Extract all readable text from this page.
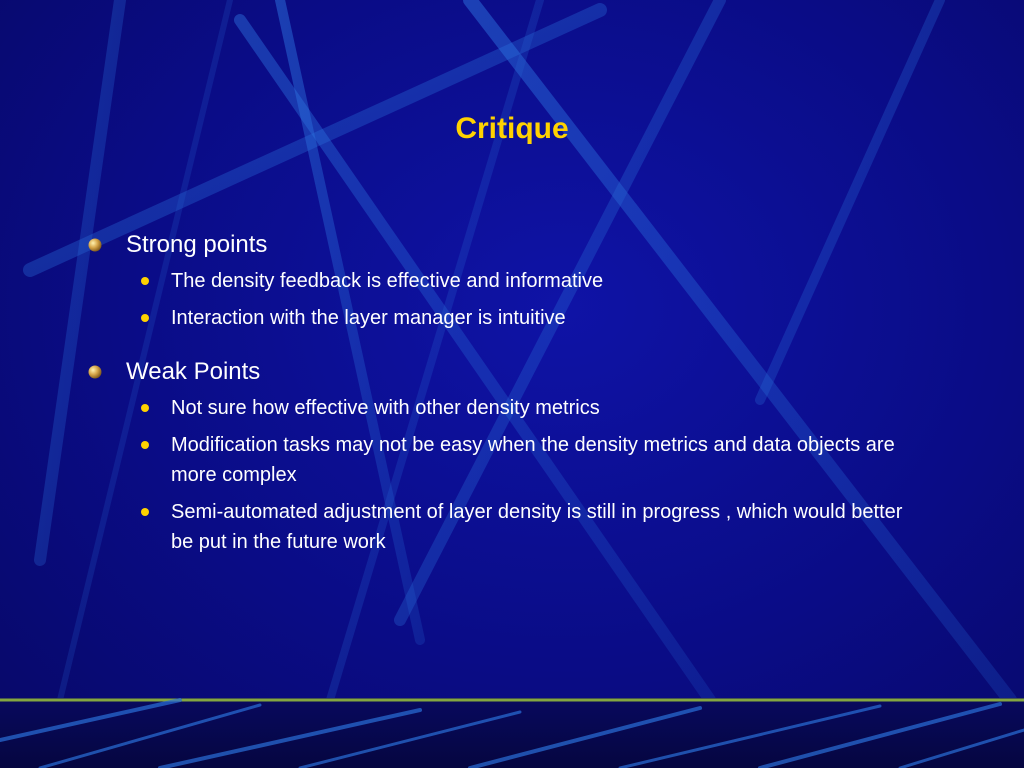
Critique
Strong points
The density feedback is effective and informative
Interaction with the layer manager is intuitive
Weak Points
Not sure how effective with other density metrics
Modification tasks may not be easy when the density metrics and data objects are more complex
Semi-automated adjustment of layer density is still in progress , which would better be put in the future work
